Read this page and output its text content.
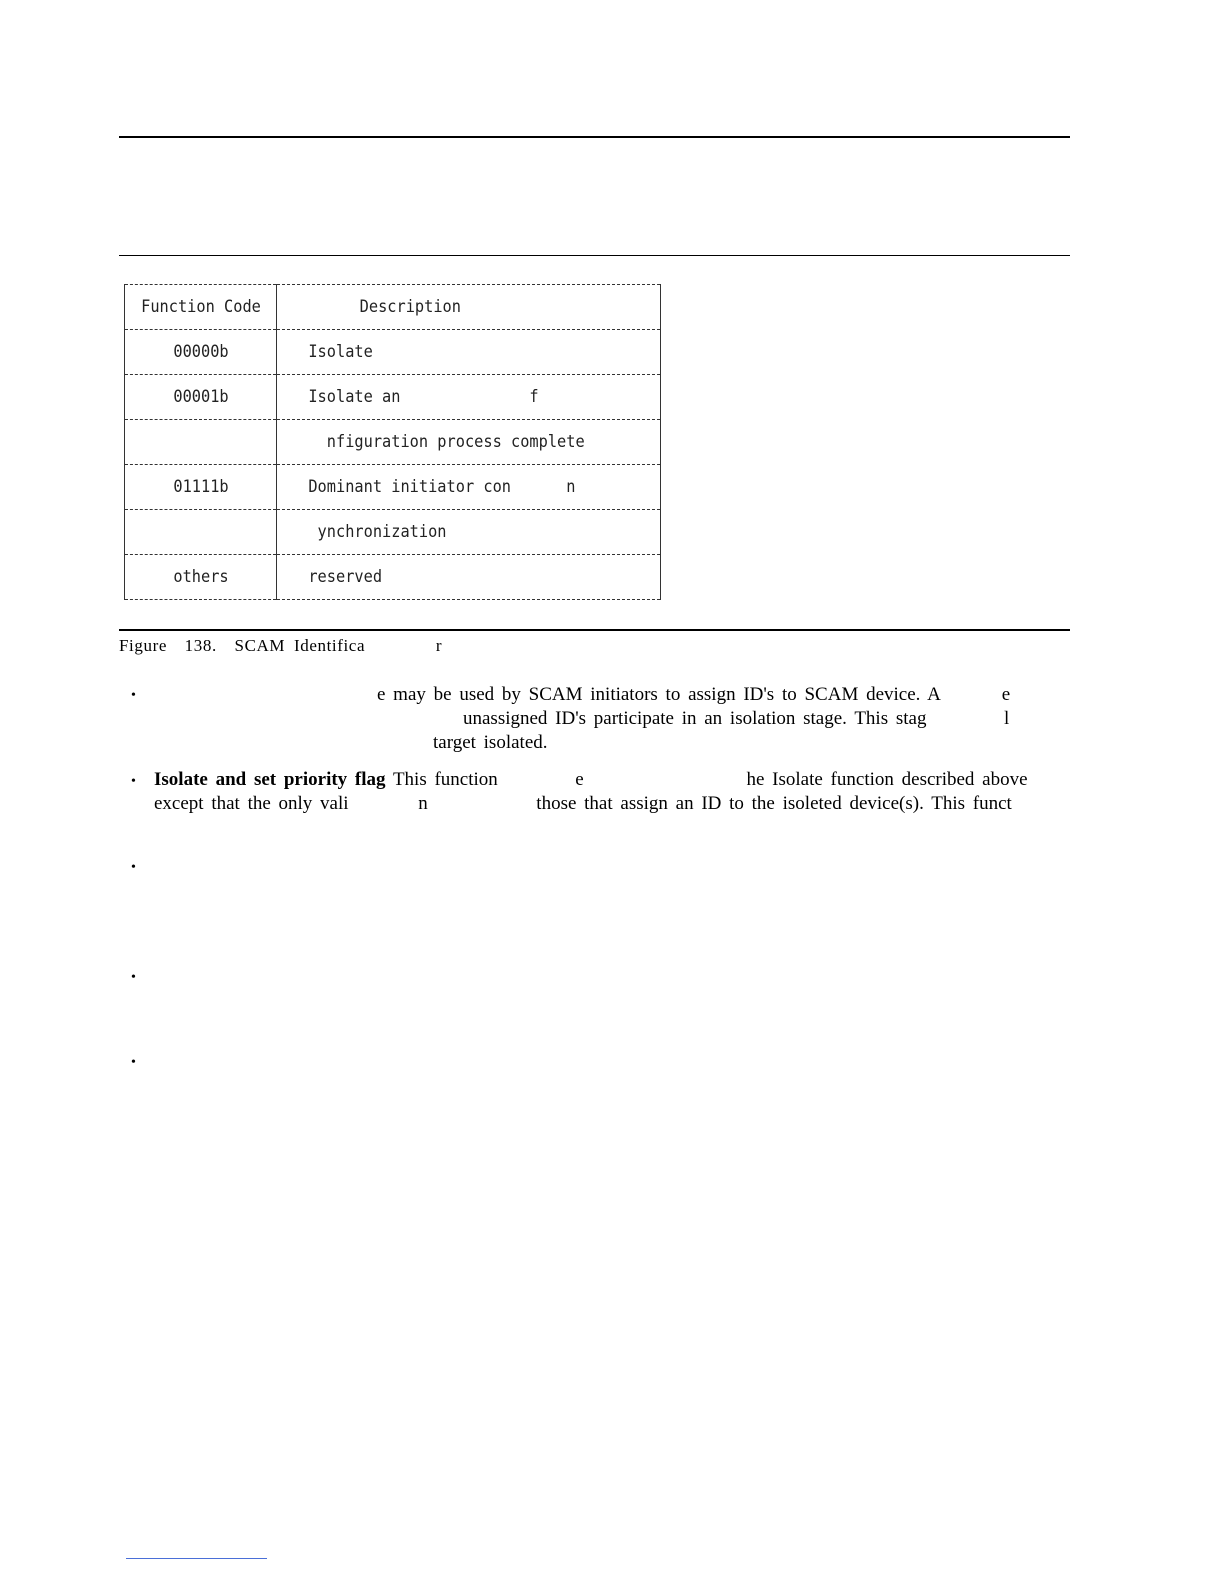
Function Code	Description
00000b	Isolate
00001b	Isolate an              f
	nfiguration process complete
01111b	Dominant initiator con      n
	ynchronization
others	reserved
Figure  138.  SCAM Identifica        r
•	e may be used by SCAM initiators to assign ID's to SCAM device. A        e
unassigned ID's participate in an isolation stage. This stag          l
target isolated.
• Isolate and set priority flag This function          e                     he Isolate function described above
except that the only vali         n              those that assign an ID to the isoleted device(s). This funct
•
•
•
